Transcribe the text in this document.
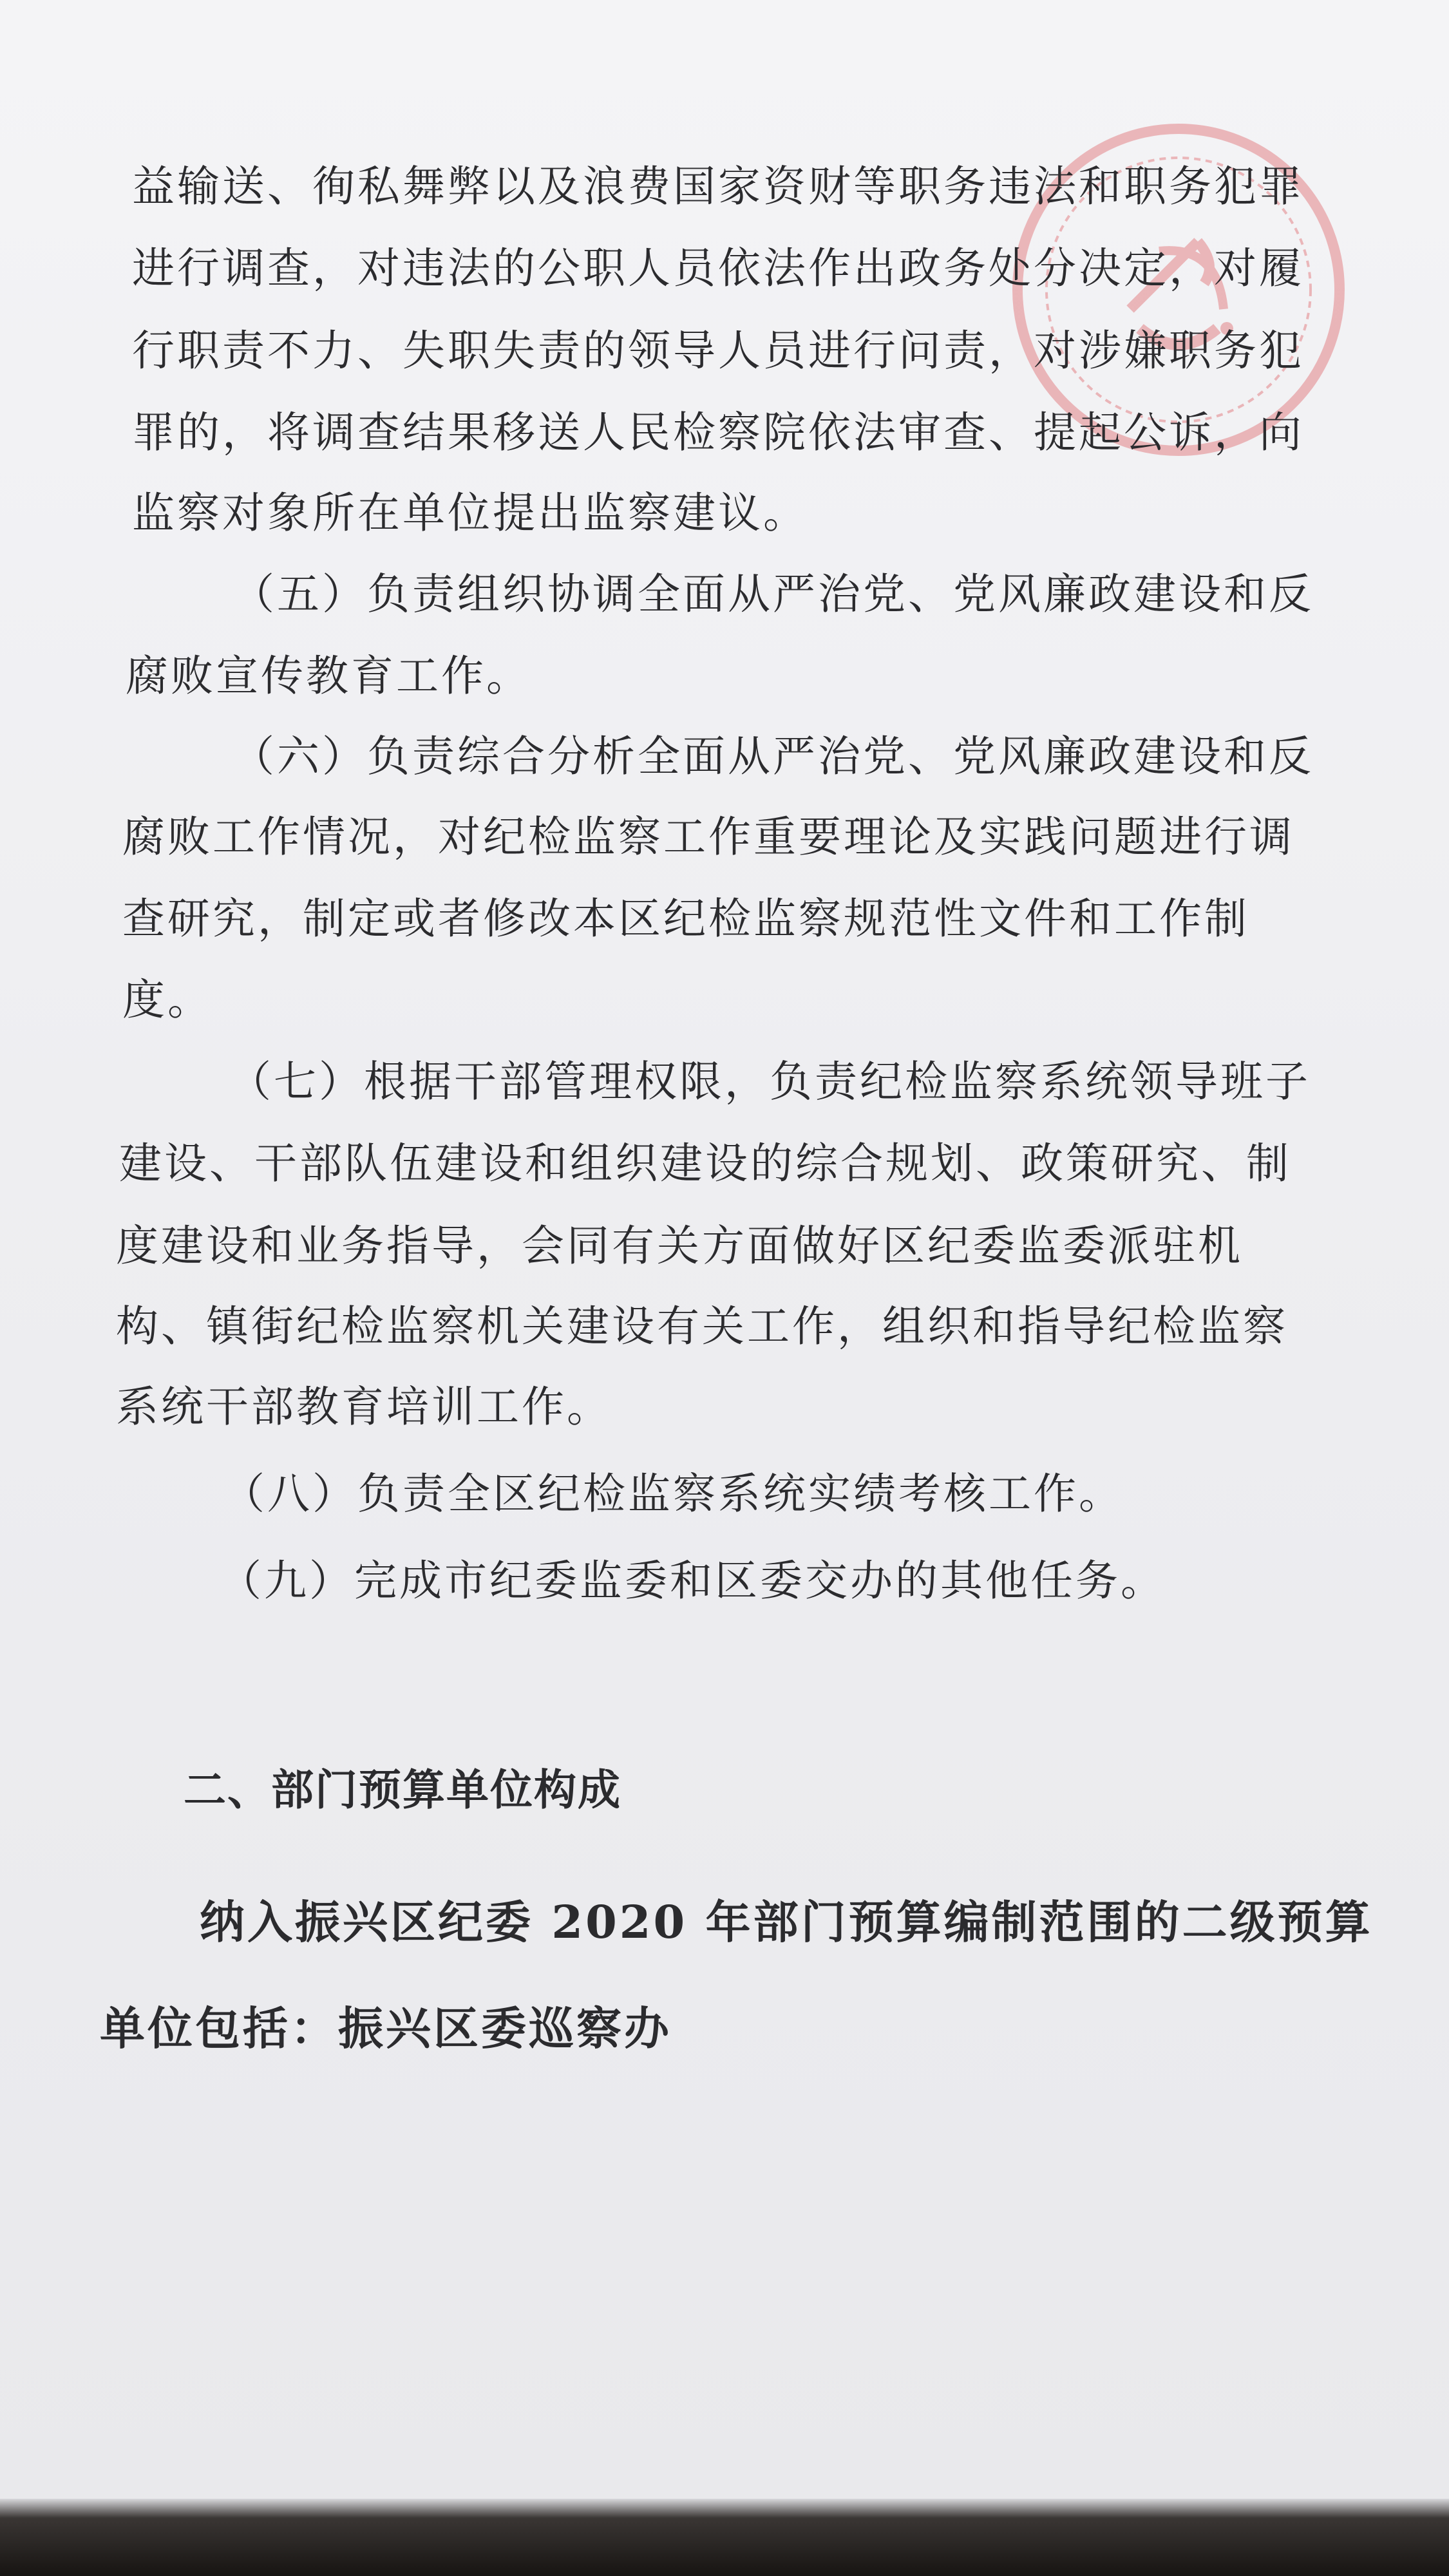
益输送、徇私舞弊以及浪费国家资财等职务违法和职务犯罪
进行调查，对违法的公职人员依法作出政务处分决定，对履
行职责不力、失职失责的领导人员进行问责，对涉嫌职务犯
罪的，将调查结果移送人民检察院依法审查、提起公诉，向
监察对象所在单位提出监察建议。
（五）负责组织协调全面从严治党、党风廉政建设和反
腐败宣传教育工作。
（六）负责综合分析全面从严治党、党风廉政建设和反
腐败工作情况，对纪检监察工作重要理论及实践问题进行调
查研究，制定或者修改本区纪检监察规范性文件和工作制
度。
（七）根据干部管理权限，负责纪检监察系统领导班子
建设、干部队伍建设和组织建设的综合规划、政策研究、制
度建设和业务指导，会同有关方面做好区纪委监委派驻机
构、镇街纪检监察机关建设有关工作，组织和指导纪检监察
系统干部教育培训工作。
（八）负责全区纪检监察系统实绩考核工作。
（九）完成市纪委监委和区委交办的其他任务。
二、部门预算单位构成
纳入振兴区纪委 2020 年部门预算编制范围的二级预算
单位包括：振兴区委巡察办
